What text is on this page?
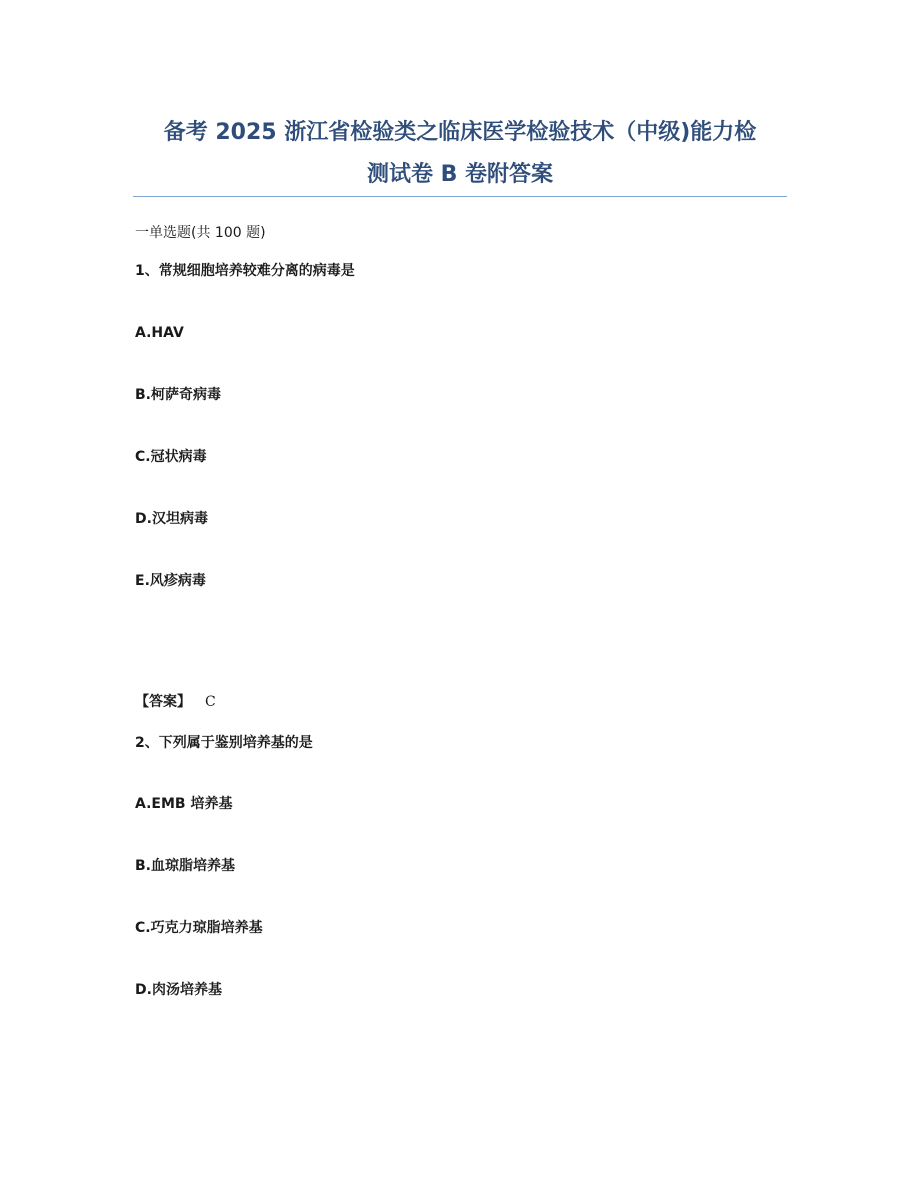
备考 2025 浙江省检验类之临床医学检验技术（中级)能力检
测试卷 B 卷附答案
一单选题(共 100 题)
1、常规细胞培养较难分离的病毒是
A.HAV
B.柯萨奇病毒
C.冠状病毒
D.汉坦病毒
E.风疹病毒
【答案】 C
2、下列属于鉴别培养基的是
A.EMB 培养基
B.血琼脂培养基
C.巧克力琼脂培养基
D.肉汤培养基
